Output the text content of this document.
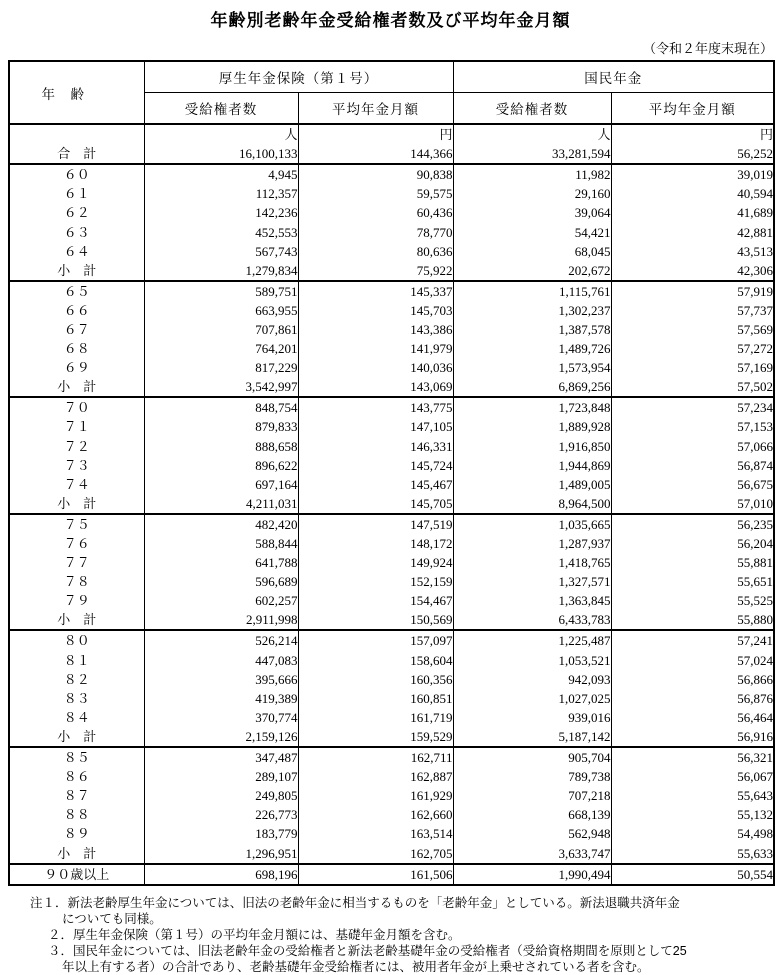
年齢別老齢年金受給権者数及び平均年金月額
（令和２年度末現在）
年　齢	厚生年金保険（第１号）		国民年金	
	受給権者数	平均年金月額	受給権者数	平均年金月額
	人	円	人	円
合　計	16,100,133	144,366	33,281,594	56,252
６０	4,945	90,838	11,982	39,019
６１	112,357	59,575	29,160	40,594
６２	142,236	60,436	39,064	41,689
６３	452,553	78,770	54,421	42,881
６４	567,743	80,636	68,045	43,513
小　計	1,279,834	75,922	202,672	42,306
６５	589,751	145,337	1,115,761	57,919
６６	663,955	145,703	1,302,237	57,737
６７	707,861	143,386	1,387,578	57,569
６８	764,201	141,979	1,489,726	57,272
６９	817,229	140,036	1,573,954	57,169
小　計	3,542,997	143,069	6,869,256	57,502
７０	848,754	143,775	1,723,848	57,234
７１	879,833	147,105	1,889,928	57,153
７２	888,658	146,331	1,916,850	57,066
７３	896,622	145,724	1,944,869	56,874
７４	697,164	145,467	1,489,005	56,675
小　計	4,211,031	145,705	8,964,500	57,010
７５	482,420	147,519	1,035,665	56,235
７６	588,844	148,172	1,287,937	56,204
７７	641,788	149,924	1,418,765	55,881
７８	596,689	152,159	1,327,571	55,651
７９	602,257	154,467	1,363,845	55,525
小　計	2,911,998	150,569	6,433,783	55,880
８０	526,214	157,097	1,225,487	57,241
８１	447,083	158,604	1,053,521	57,024
８２	395,666	160,356	942,093	56,866
８３	419,389	160,851	1,027,025	56,876
８４	370,774	161,719	939,016	56,464
小　計	2,159,126	159,529	5,187,142	56,916
８５	347,487	162,711	905,704	56,321
８６	289,107	162,887	789,738	56,067
８７	249,805	161,929	707,218	55,643
８８	226,773	162,660	668,139	55,132
８９	183,779	163,514	562,948	54,498
小　計	1,296,951	162,705	3,633,747	55,633
９０歳以上	698,196	161,506	1,990,494	50,554
注１．新法老齢厚生年金については、旧法の老齢年金に相当するものを「老齢年金」としている。新法退職共済年金
についても同様。
２．厚生年金保険（第１号）の平均年金月額には、基礎年金月額を含む。
３．国民年金については、旧法老齢年金の受給権者と新法老齢基礎年金の受給権者（受給資格期間を原則として25
年以上有する者）の合計であり、老齢基礎年金受給権者には、被用者年金が上乗せされている者を含む。
